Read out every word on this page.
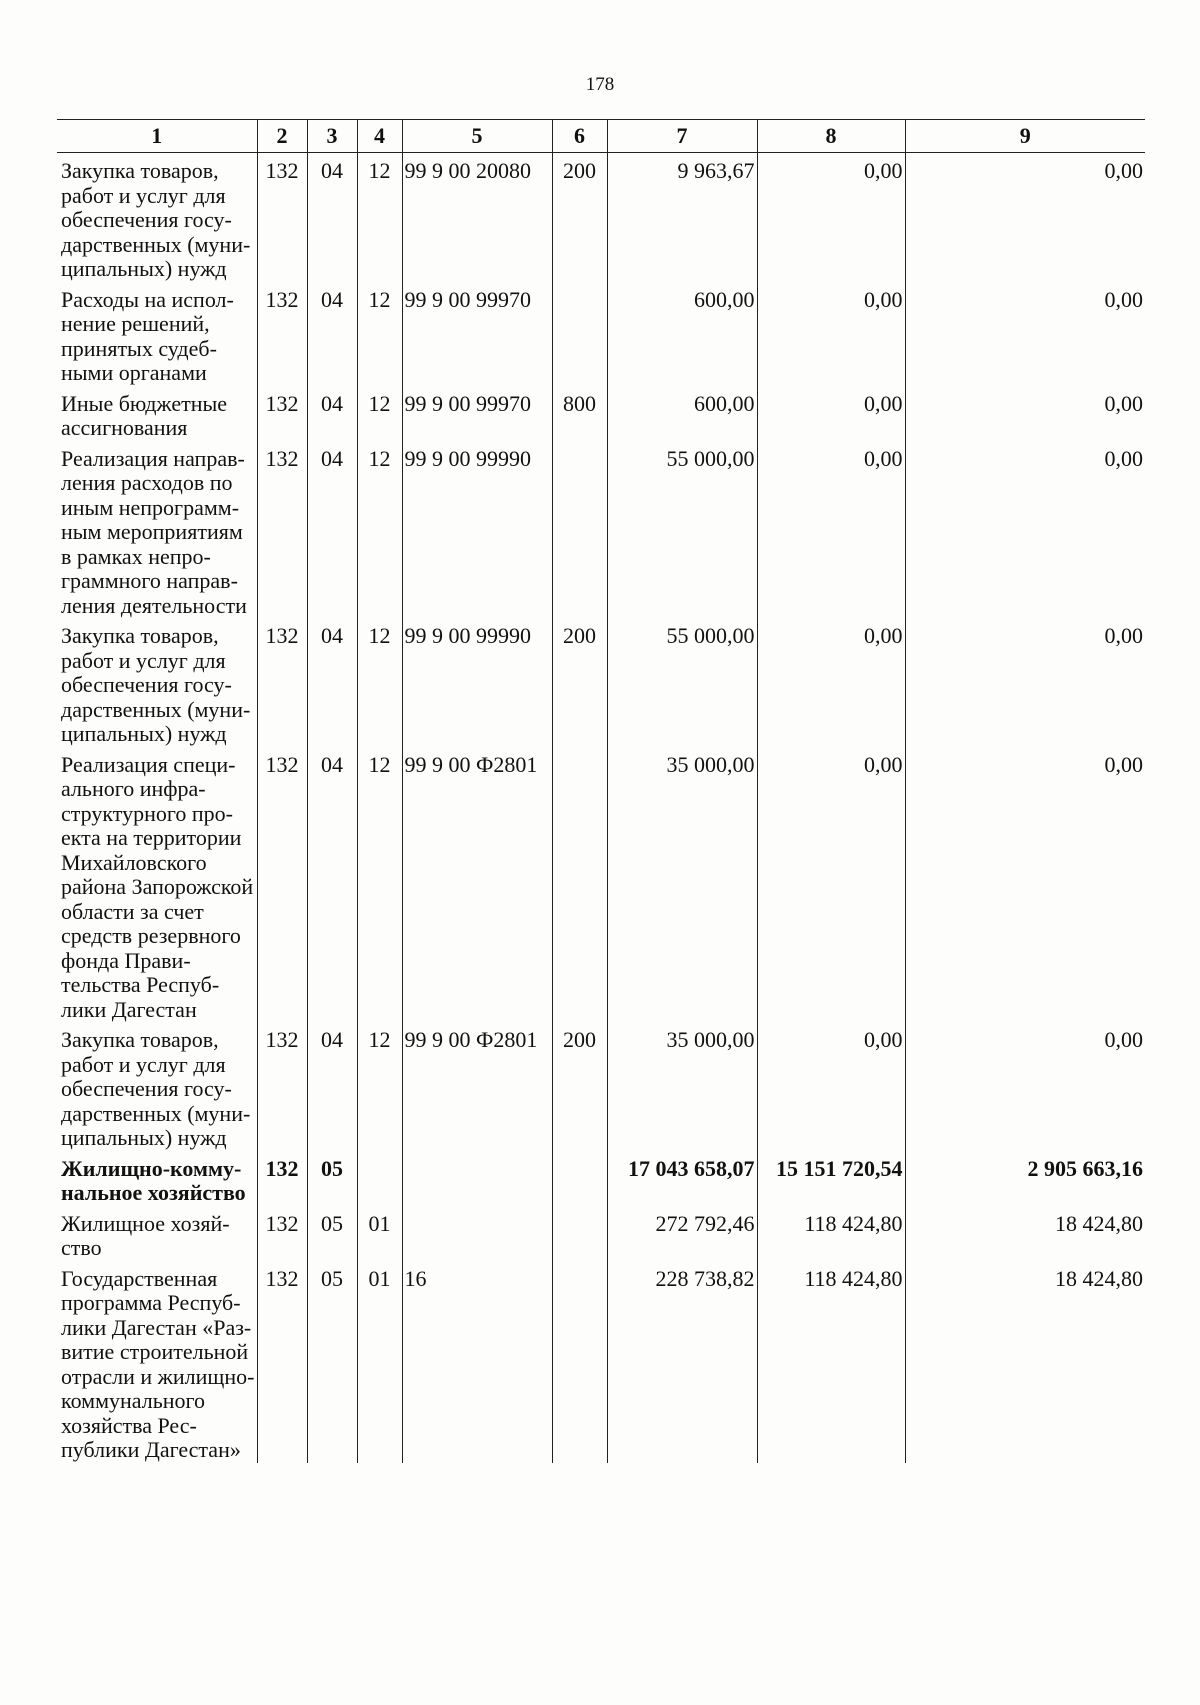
178
1	2	3	4	5	6	7	8	9
Закупка товаров, работ и услуг для обеспечения государственных (муниципальных) нужд	132	04	12	99 9 00 20080	200	9 963,67	0,00	0,00
Расходы на исполнение решений, принятых судебными органами	132	04	12	99 9 00 99970		600,00	0,00	0,00
Иные бюджетные ассигнования	132	04	12	99 9 00 99970	800	600,00	0,00	0,00
Реализация направления расходов по иным непрограммным мероприятиям в рамках непрограммного направления деятельности	132	04	12	99 9 00 99990		55 000,00	0,00	0,00
Закупка товаров, работ и услуг для обеспечения государственных (муниципальных) нужд	132	04	12	99 9 00 99990	200	55 000,00	0,00	0,00
Реализация специального инфраструктурного проекта на территории Михайловского района Запорожской области за счет средств резервного фонда Правительства Республики Дагестан	132	04	12	99 9 00 Ф2801		35 000,00	0,00	0,00
Закупка товаров, работ и услуг для обеспечения государственных (муниципальных) нужд	132	04	12	99 9 00 Ф2801	200	35 000,00	0,00	0,00
Жилищно-коммунальное хозяйство	132	05				17 043 658,07	15 151 720,54	2 905 663,16
Жилищное хозяйство	132	05	01			272 792,46	118 424,80	18 424,80
Государственная программа Республики Дагестан «Развитие строительной отрасли и жилищно-коммунального хозяйства Республики Дагестан»	132	05	01	16		228 738,82	118 424,80	18 424,80
